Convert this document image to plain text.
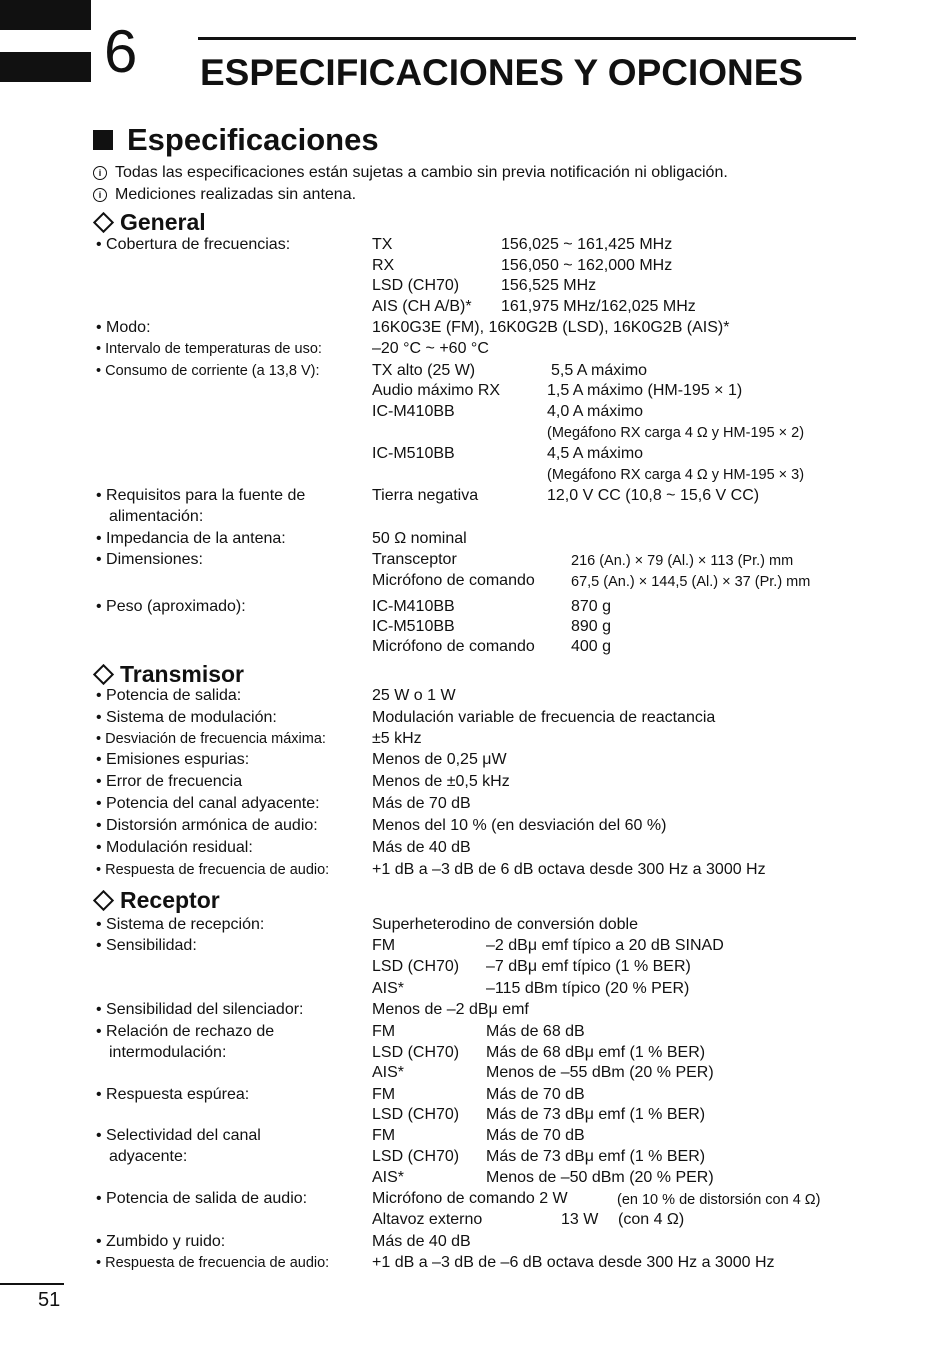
6 ESPECIFICACIONES Y OPCIONES
Especificaciones
i Todas las especificaciones están sujetas a cambio sin previa notificación ni obligación.
i Mediciones realizadas sin antena.
General
• Cobertura de frecuencias:	TX	156,025 ~ 161,425 MHz
RX	156,050 ~ 162,000 MHz
LSD (CH70)	156,525 MHz
AIS (CH A/B)* 161,975 MHz/162,025 MHz
• Modo:	16K0G3E (FM), 16K0G2B (LSD), 16K0G2B (AIS)*
• Intervalo de temperaturas de uso:	–20 °C ~ +60 °C
• Consumo de corriente (a 13,8 V):	TX alto (25 W)	5,5 A máximo
Audio máximo RX	1,5 A máximo (HM-195 × 1)
IC-M410BB	4,0 A máximo
(Megáfono RX carga 4 Ω y HM-195 × 2)
IC-M510BB	4,5 A máximo
(Megáfono RX carga 4 Ω y HM-195 × 3)
• Requisitos para la fuente de
alimentación:
Tierra negativa	12,0 V CC (10,8 ~ 15,6 V CC)
• Impedancia de la antena:	50 Ω nominal
• Dimensiones:	Transceptor	216 (An.) × 79 (Al.) × 113 (Pr.) mm
Micrófono de comando 67,5 (An.) × 144,5 (Al.) × 37 (Pr.) mm
• Peso (aproximado):	IC-M410BB	870 g
IC-M510BB	890 g
Micrófono de comando 400 g
Transmisor
• Potencia de salida:	25 W o 1 W
• Sistema de modulación:	Modulación variable de frecuencia de reactancia
• Desviación de frecuencia máxima:	±5 kHz
• Emisiones espurias:	Menos de 0,25 μW
• Error de frecuencia	Menos de ±0,5 kHz
• Potencia del canal adyacente:	Más de 70 dB
• Distorsión armónica de audio:	Menos del 10 % (en desviación del 60 %)
• Modulación residual:	Más de 40 dB
• Respuesta de frecuencia de audio:	+1 dB a –3 dB de 6 dB octava desde 300 Hz a 3000 Hz
Receptor
• Sistema de recepción:	Superheterodino de conversión doble
• Sensibilidad:	FM	–2 dBμ emf típico a 20 dB SINAD
LSD (CH70) –7 dBμ emf típico (1 % BER)
AIS*	–115 dBm típico (20 % PER)
• Sensibilidad del silenciador:	Menos de –2 dBμ emf
• Relación de rechazo de
intermodulación:
FM	Más de 68 dB
LSD (CH70) Más de 68 dBμ emf (1 % BER)
AIS*	Menos de –55 dBm (20 % PER)
• Respuesta espúrea:	FM	Más de 70 dB
LSD (CH70) Más de 73 dBμ emf (1 % BER)
• Selectividad del canal
adyacente:
FM	Más de 70 dB
LSD (CH70) Más de 73 dBμ emf (1 % BER)
AIS*	Menos de –50 dBm (20 % PER)
• Potencia de salida de audio:	Micrófono de comando 2 W	(en 10 % de distorsión con 4 Ω)
Altavoz externo	13 W (con 4 Ω)
• Zumbido y ruido:	Más de 40 dB
• Respuesta de frecuencia de audio:	+1 dB a –3 dB de –6 dB octava desde 300 Hz a 3000 Hz
51
